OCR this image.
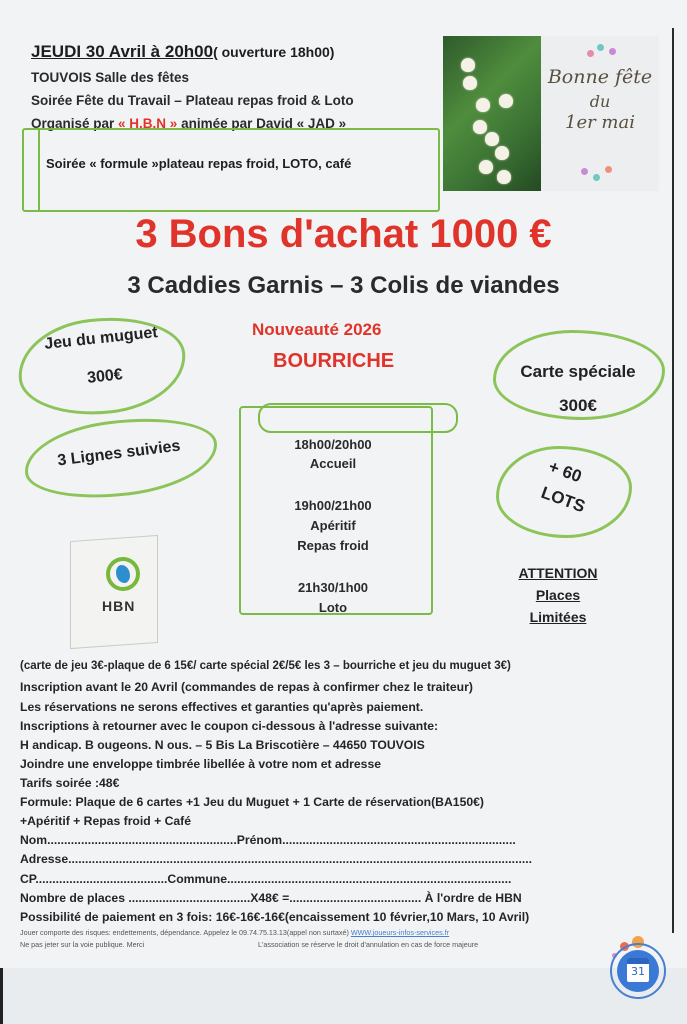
JEUDI 30 Avril à 20h00( ouverture 18h00)
TOUVOIS Salle des fêtes
Soirée Fête du Travail – Plateau repas froid & Loto
Organisé par « H.B.N » animée par David « JAD »
Soirée « formule »plateau repas froid, LOTO, café
Bonne fête
du
1er mai
3 Bons d'achat 1000 €
3 Caddies Garnis – 3 Colis de viandes
Jeu du muguet
300€
3 Lignes suivies
Carte spéciale
300€
+ 60
LOTS
Nouveauté 2026
BOURRICHE
18h00/20h00
Accueil
19h00/21h00
Apéritif
Repas froid
21h30/1h00
Loto
HBN
ATTENTION
Places
Limitées
(carte de jeu 3€-plaque de 6 15€/ carte spécial 2€/5€ les 3 – bourriche et jeu du muguet 3€)
Inscription avant le 20 Avril (commandes de repas à confirmer chez le traiteur)
Les réservations ne serons effectives et garanties qu'après paiement.
Inscriptions à retourner avec le coupon ci-dessous à l'adresse suivante:
H andicap. B ougeons. N ous. – 5 Bis La Briscotière – 44650 TOUVOIS
Joindre une enveloppe timbrée libellée à votre nom et adresse
Tarifs soirée :48€
Formule: Plaque de 6 cartes +1 Jeu du Muguet + 1 Carte de réservation(BA150€)
+Apéritif + Repas froid + Café
Nom........................................................Prénom.....................................................................
Adresse.........................................................................................................................................
CP.......................................Commune....................................................................................
Nombre de places ....................................X48€ =....................................... À l'ordre de HBN
Possibilité de paiement en 3 fois: 16€-16€-16€(encaissement 10 février,10 Mars, 10 Avril)
Jouer comporte des risques: endettements, dépendance. Appelez le 09.74.75.13.13(appel non surtaxé) WWW.joueurs-infos-services.fr
Ne pas jeter sur la voie publique. Merci	L'association se réserve le droit d'annulation en cas de force majeure
31
